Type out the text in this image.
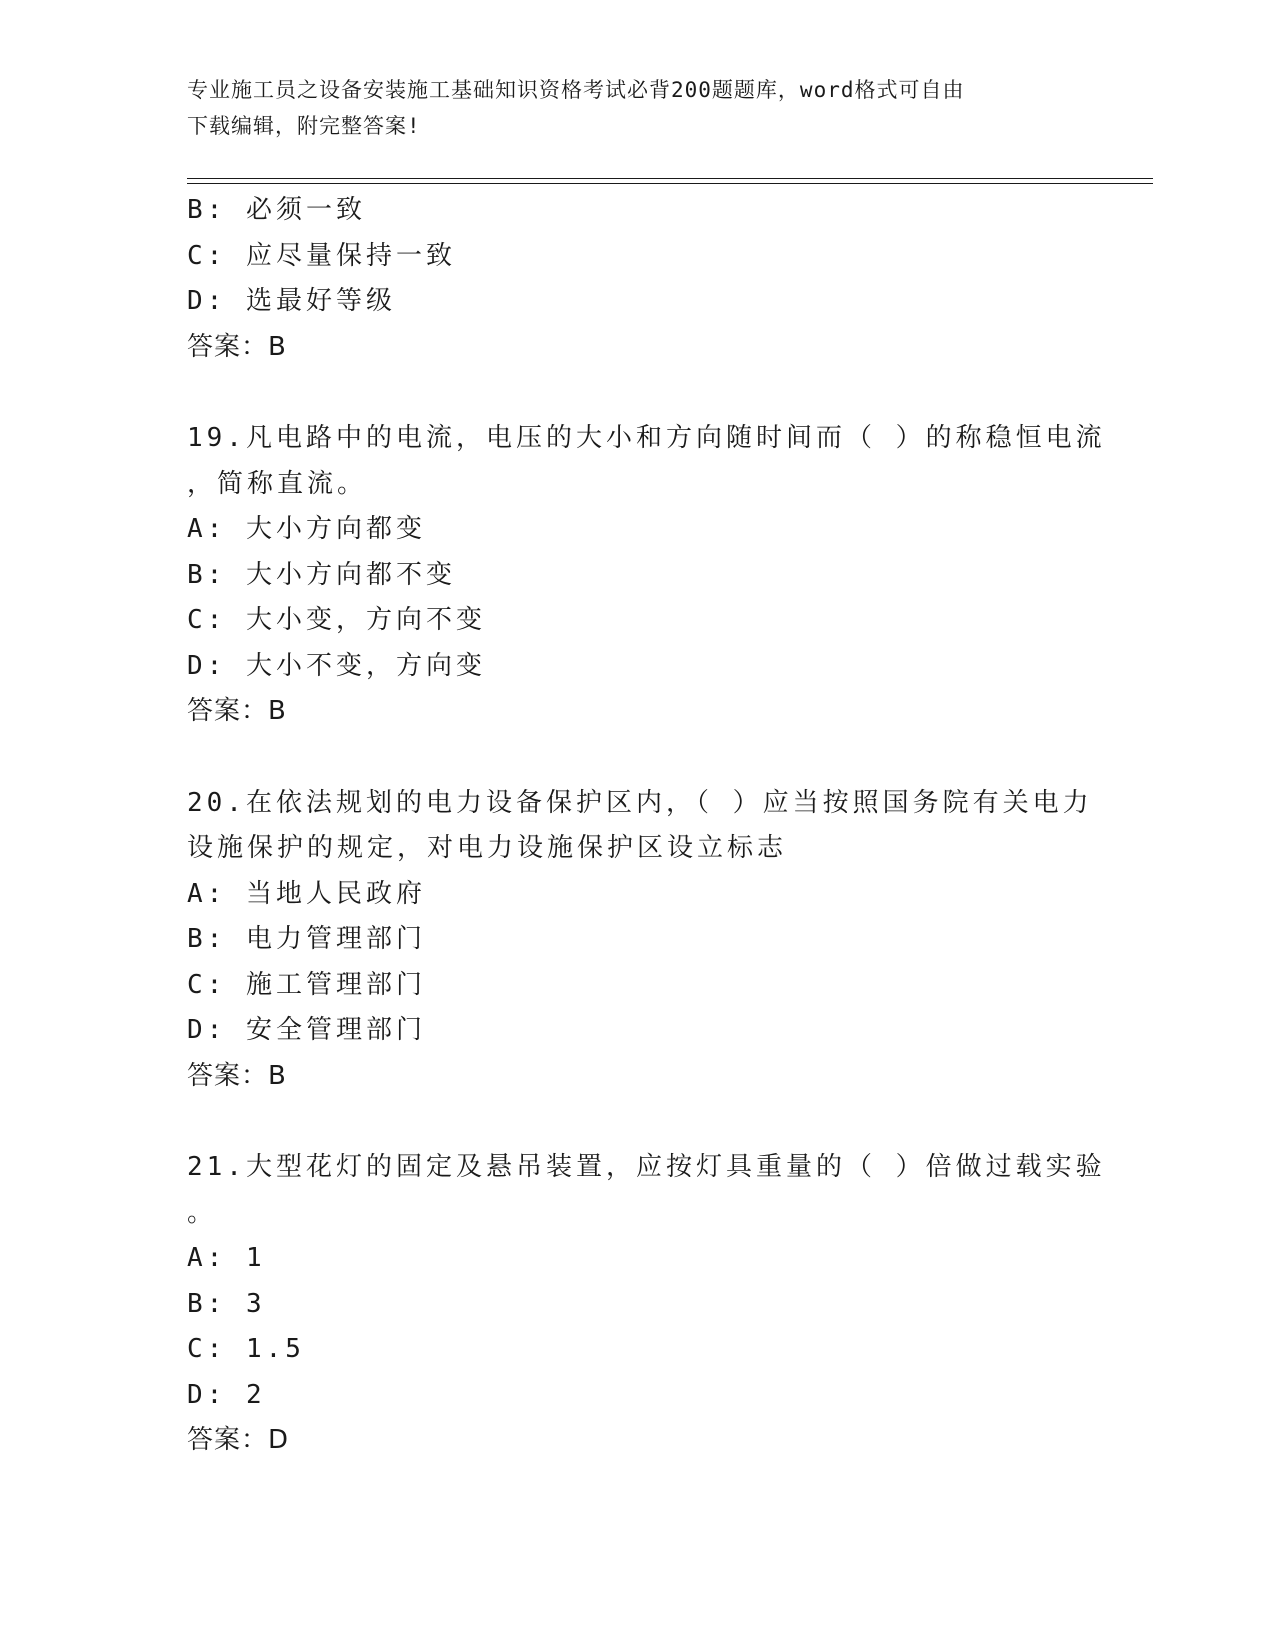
专业施工员之设备安装施工基础知识资格考试必背200题题库，word格式可自由
下载编辑，附完整答案!
B: 必须一致
C: 应尽量保持一致
D: 选最好等级
答案：B
19.凡电路中的电流，电压的大小和方向随时间而（ ）的称稳恒电流
，简称直流。
A: 大小方向都变
B: 大小方向都不变
C: 大小变，方向不变
D: 大小不变，方向变
答案：B
20.在依法规划的电力设备保护区内，（ ）应当按照国务院有关电力
设施保护的规定，对电力设施保护区设立标志
A: 当地人民政府
B: 电力管理部门
C: 施工管理部门
D: 安全管理部门
答案：B
21.大型花灯的固定及悬吊装置，应按灯具重量的（ ）倍做过载实验
。
A: 1
B: 3
C: 1.5
D: 2
答案：D
